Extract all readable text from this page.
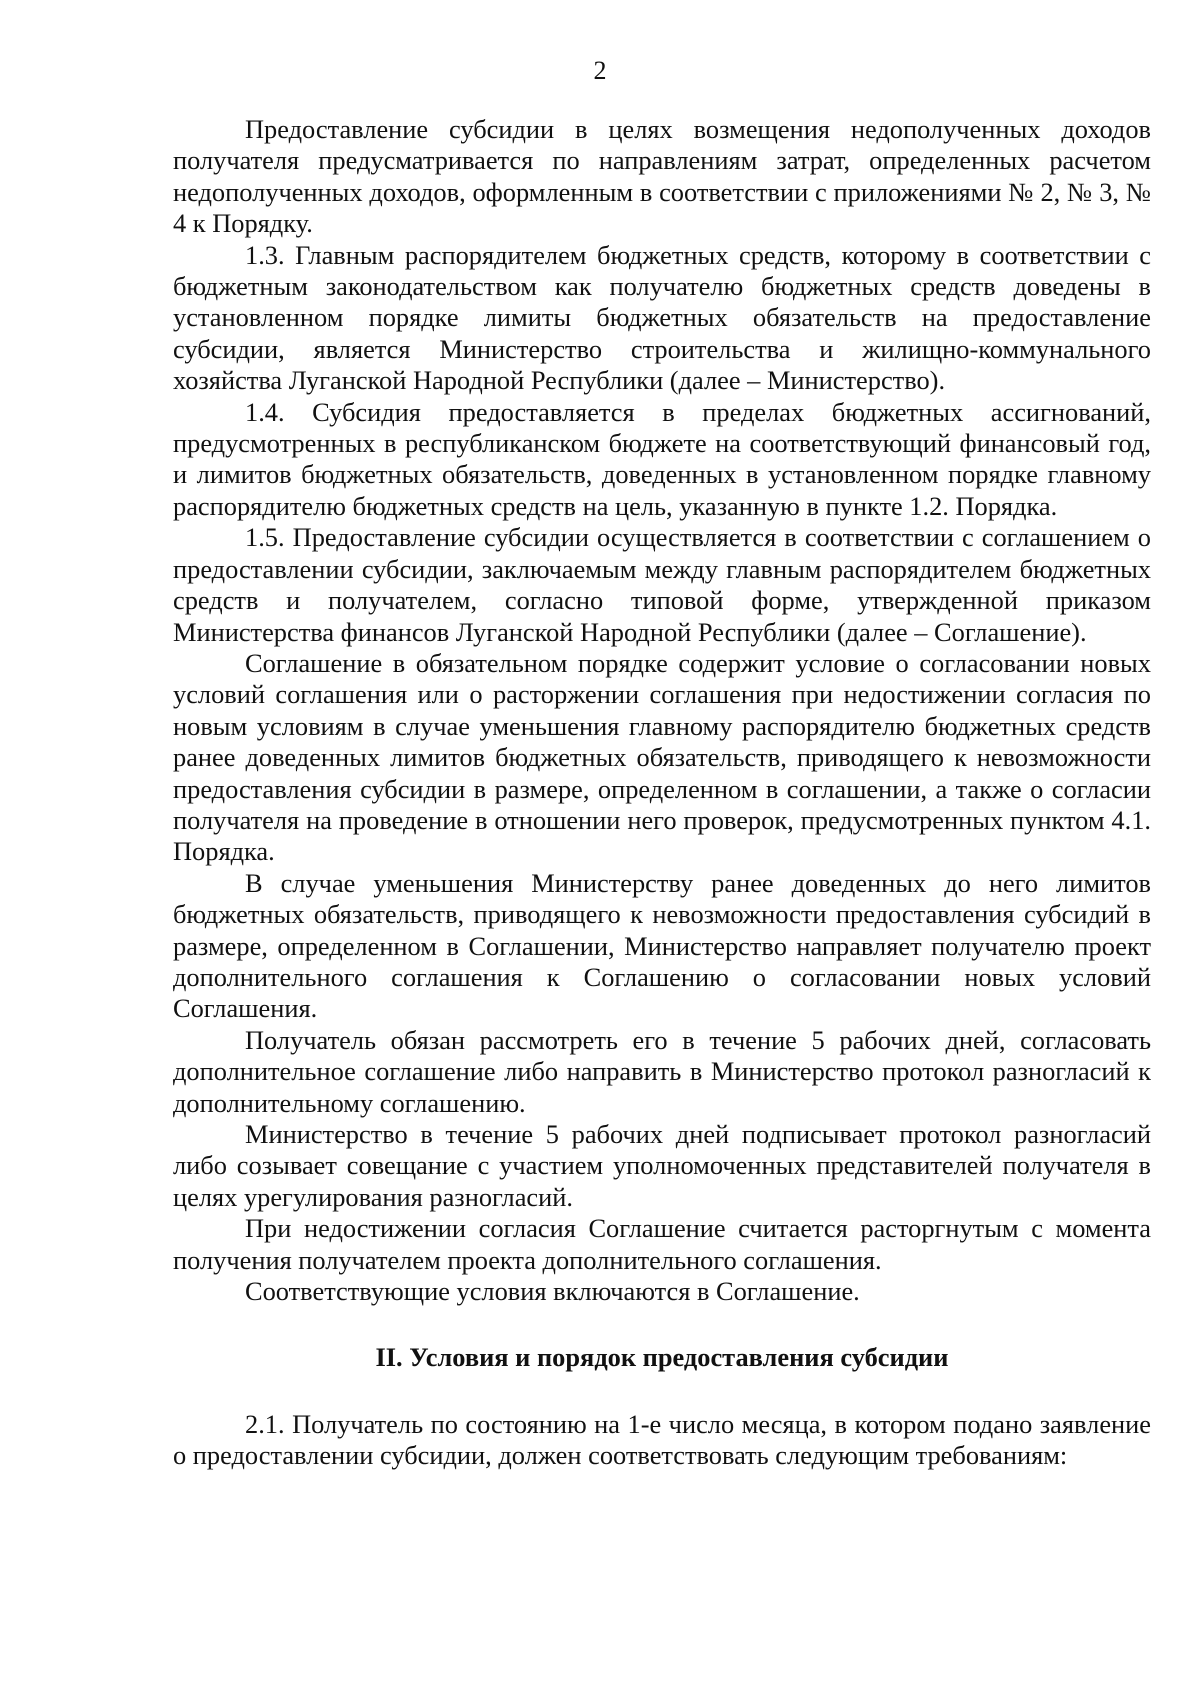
2

Предоставление субсидии в целях возмещения недополученных доходов получателя предусматривается по направлениям затрат, определенных расчетом недополученных доходов, оформленным в соответствии с приложениями № 2, № 3, № 4 к Порядку.

1.3. Главным распорядителем бюджетных средств, которому в соответствии с бюджетным законодательством как получателю бюджетных средств доведены в установленном порядке лимиты бюджетных обязательств на предоставление субсидии, является Министерство строительства и жилищно-коммунального хозяйства Луганской Народной Республики (далее – Министерство).

1.4. Субсидия предоставляется в пределах бюджетных ассигнований, предусмотренных в республиканском бюджете на соответствующий финансовый год, и лимитов бюджетных обязательств, доведенных в установленном порядке главному распорядителю бюджетных средств на цель, указанную в пункте 1.2. Порядка.

1.5. Предоставление субсидии осуществляется в соответствии с соглашением о предоставлении субсидии, заключаемым между главным распорядителем бюджетных средств и получателем, согласно типовой форме, утвержденной приказом Министерства финансов Луганской Народной Республики (далее – Соглашение).

Соглашение в обязательном порядке содержит условие о согласовании новых условий соглашения или о расторжении соглашения при недостижении согласия по новым условиям в случае уменьшения главному распорядителю бюджетных средств ранее доведенных лимитов бюджетных обязательств, приводящего к невозможности предоставления субсидии в размере, определенном в соглашении, а также о согласии получателя на проведение в отношении него проверок, предусмотренных пунктом 4.1. Порядка.

В случае уменьшения Министерству ранее доведенных до него лимитов бюджетных обязательств, приводящего к невозможности предоставления субсидий в размере, определенном в Соглашении, Министерство направляет получателю проект дополнительного соглашения к Соглашению о согласовании новых условий Соглашения.

Получатель обязан рассмотреть его в течение 5 рабочих дней, согласовать дополнительное соглашение либо направить в Министерство протокол разногласий к дополнительному соглашению.

Министерство в течение 5 рабочих дней подписывает протокол разногласий либо созывает совещание с участием уполномоченных представителей получателя в целях урегулирования разногласий.

При недостижении согласия Соглашение считается расторгнутым с момента получения получателем проекта дополнительного соглашения.

Соответствующие условия включаются в Соглашение.

II. Условия и порядок предоставления субсидии

2.1. Получатель по состоянию на 1-е число месяца, в котором подано заявление о предоставлении субсидии, должен соответствовать следующим требованиям:
